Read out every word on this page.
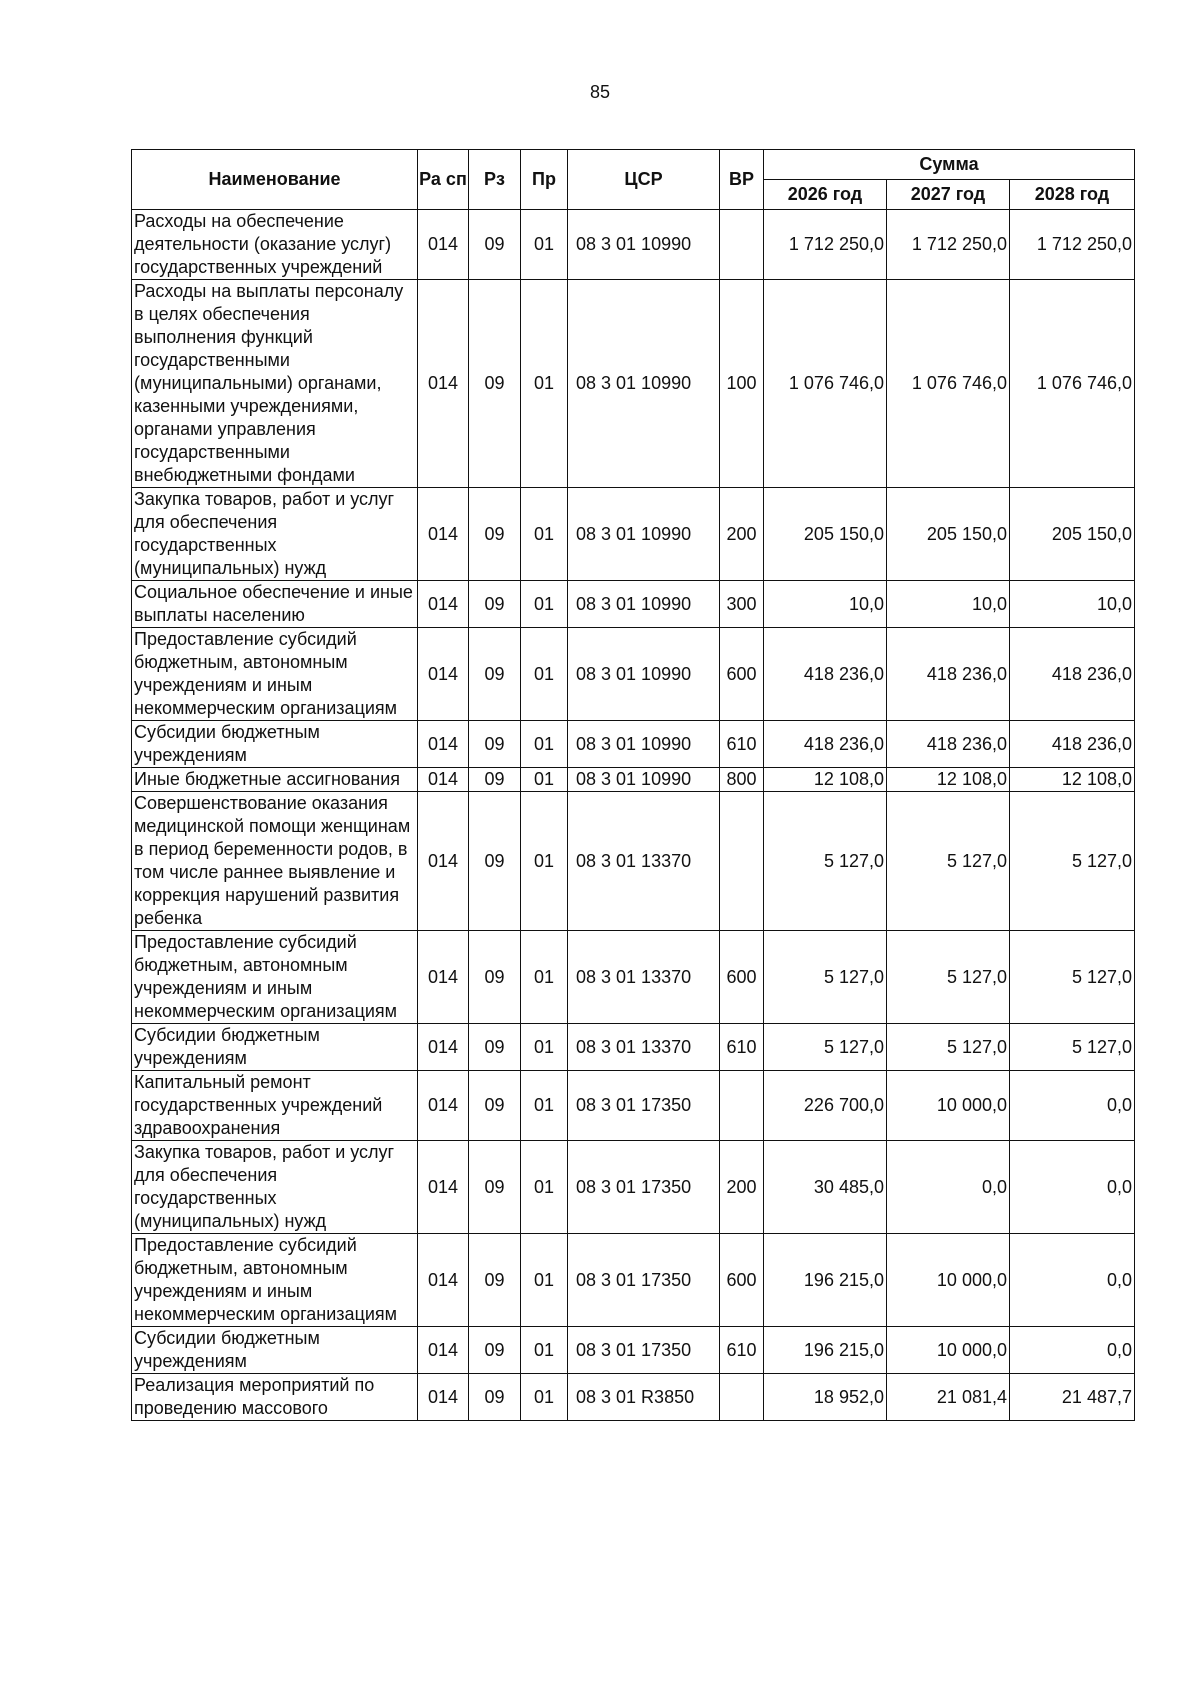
85
Наименование	Ра сп	Рз	Пр	ЦСР	ВР	Сумма		
						2026 год	2027 год	2028 год
Расходы на обеспечение деятельности (оказание услуг) государственных учреждений	014	09	01	08 3 01 10990		1 712 250,0	1 712 250,0	1 712 250,0
Расходы на выплаты персоналу в целях обеспечения выполнения функций государственными (муниципальными) органами, казенными учреждениями, органами управления государственными внебюджетными фондами	014	09	01	08 3 01 10990	100	1 076 746,0	1 076 746,0	1 076 746,0
Закупка товаров, работ и услуг для обеспечения государственных (муниципальных) нужд	014	09	01	08 3 01 10990	200	205 150,0	205 150,0	205 150,0
Социальное обеспечение и иные выплаты населению	014	09	01	08 3 01 10990	300	10,0	10,0	10,0
Предоставление субсидий бюджетным, автономным учреждениям и иным некоммерческим организациям	014	09	01	08 3 01 10990	600	418 236,0	418 236,0	418 236,0
Субсидии бюджетным учреждениям	014	09	01	08 3 01 10990	610	418 236,0	418 236,0	418 236,0
Иные бюджетные ассигнования	014	09	01	08 3 01 10990	800	12 108,0	12 108,0	12 108,0
Совершенствование оказания медицинской помощи женщинам в период беременности родов, в том числе раннее выявление и коррекция нарушений развития ребенка	014	09	01	08 3 01 13370		5 127,0	5 127,0	5 127,0
Предоставление субсидий бюджетным, автономным учреждениям и иным некоммерческим организациям	014	09	01	08 3 01 13370	600	5 127,0	5 127,0	5 127,0
Субсидии бюджетным учреждениям	014	09	01	08 3 01 13370	610	5 127,0	5 127,0	5 127,0
Капитальный ремонт государственных учреждений здравоохранения	014	09	01	08 3 01 17350		226 700,0	10 000,0	0,0
Закупка товаров, работ и услуг для обеспечения государственных (муниципальных) нужд	014	09	01	08 3 01 17350	200	30 485,0	0,0	0,0
Предоставление субсидий бюджетным, автономным учреждениям и иным некоммерческим организациям	014	09	01	08 3 01 17350	600	196 215,0	10 000,0	0,0
Субсидии бюджетным учреждениям	014	09	01	08 3 01 17350	610	196 215,0	10 000,0	0,0
Реализация мероприятий по проведению массового	014	09	01	08 3 01 R3850		18 952,0	21 081,4	21 487,7
